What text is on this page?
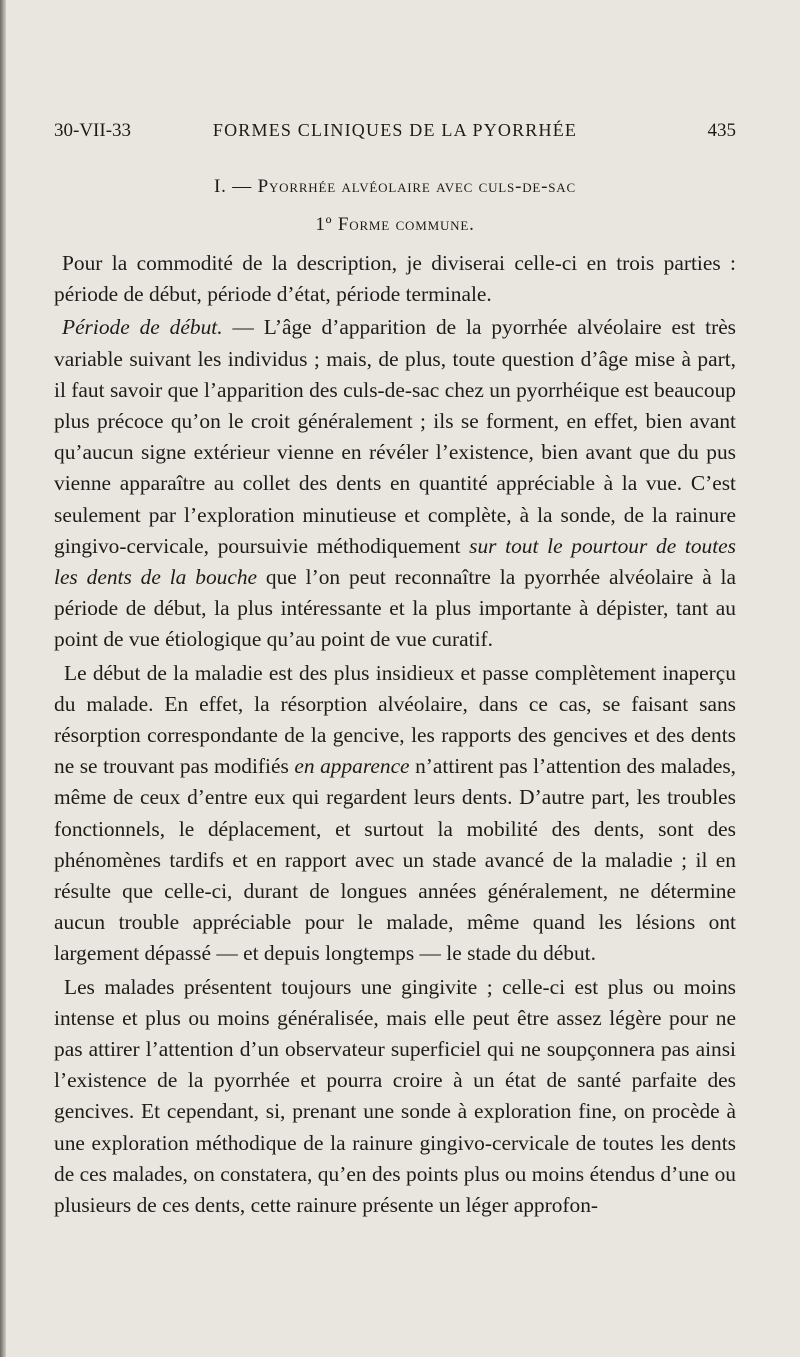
30-VII-33	FORMES CLINIQUES DE LA PYORRHÉE	435
I. — Pyorrhée alvéolaire avec culs-de-sac
1º Forme commune.

Pour la commodité de la description, je diviserai celle-ci en trois parties : période de début, période d’état, période terminale.

Période de début. — L’âge d’apparition de la pyorrhée alvéolaire est très variable suivant les individus ; mais, de plus, toute question d’âge mise à part, il faut savoir que l’apparition des culs-de-sac chez un pyorrhéique est beaucoup plus précoce qu’on le croit généralement ; ils se forment, en effet, bien avant qu’aucun signe extérieur vienne en révéler l’existence, bien avant que du pus vienne apparaître au collet des dents en quantité appréciable à la vue. C’est seulement par l’exploration minutieuse et complète, à la sonde, de la rainure gingivo-cervicale, poursuivie méthodiquement sur tout le pourtour de toutes les dents de la bouche que l’on peut reconnaître la pyorrhée alvéolaire à la période de début, la plus intéressante et la plus importante à dépister, tant au point de vue étiologique qu’au point de vue curatif.

Le début de la maladie est des plus insidieux et passe complètement inaperçu du malade. En effet, la résorption alvéolaire, dans ce cas, se faisant sans résorption correspondante de la gencive, les rapports des gencives et des dents ne se trouvant pas modifiés en apparence n’attirent pas l’attention des malades, même de ceux d’entre eux qui regardent leurs dents. D’autre part, les troubles fonctionnels, le déplacement, et surtout la mobilité des dents, sont des phénomènes tardifs et en rapport avec un stade avancé de la maladie ; il en résulte que celle-ci, durant de longues années généralement, ne détermine aucun trouble appréciable pour le malade, même quand les lésions ont largement dépassé — et depuis longtemps — le stade du début.

Les malades présentent toujours une gingivite ; celle-ci est plus ou moins intense et plus ou moins généralisée, mais elle peut être assez légère pour ne pas attirer l’attention d’un observateur superficiel qui ne soupçonnera pas ainsi l’existence de la pyorrhée et pourra croire à un état de santé parfaite des gencives. Et cependant, si, prenant une sonde à exploration fine, on procède à une exploration méthodique de la rainure gingivo-cervicale de toutes les dents de ces malades, on constatera, qu’en des points plus ou moins étendus d’une ou plusieurs de ces dents, cette rainure présente un léger approfon-
